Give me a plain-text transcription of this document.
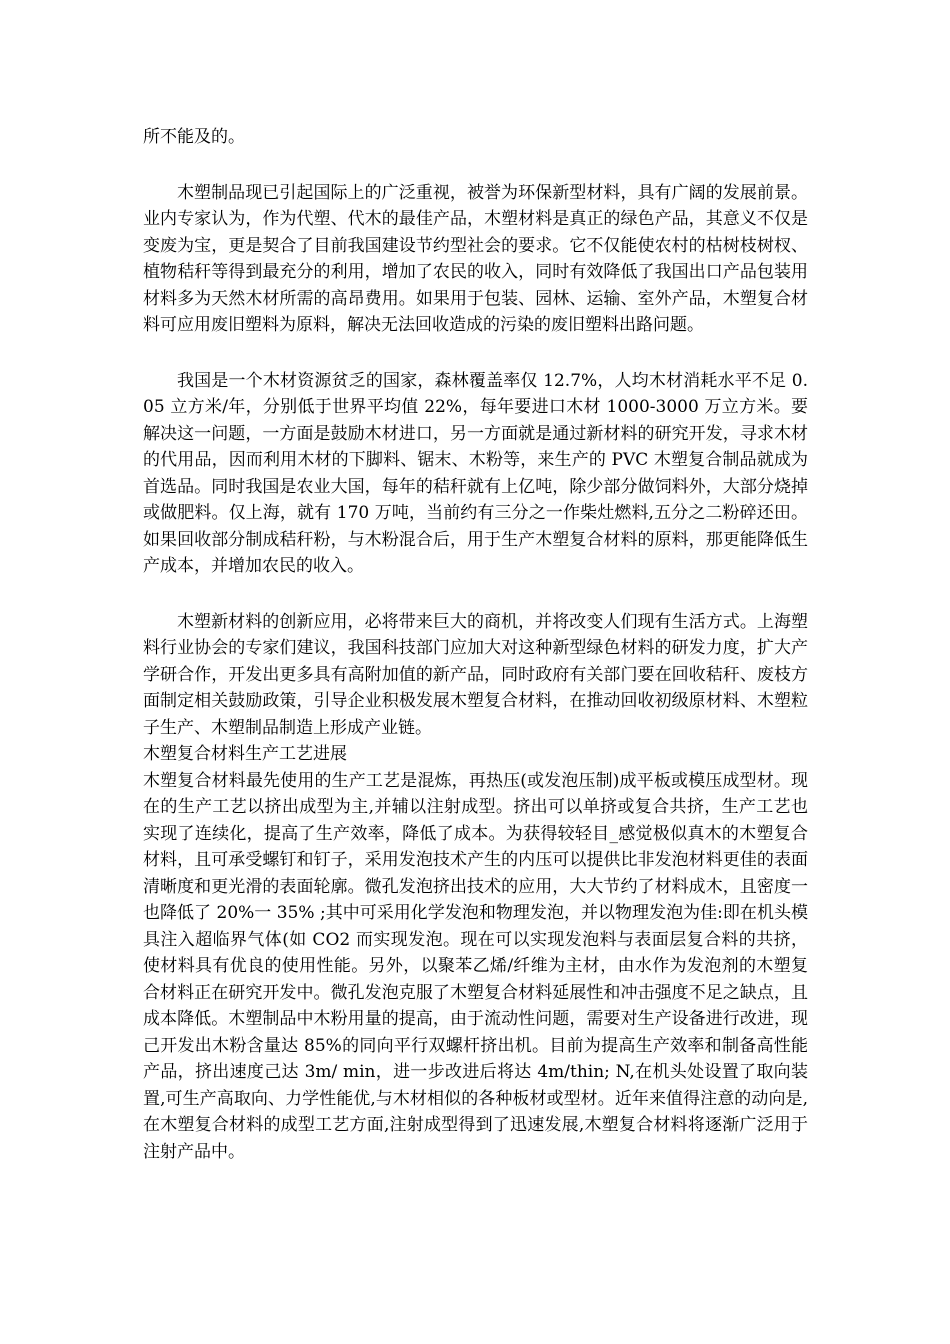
所不能及的。

木塑制品现已引起国际上的广泛重视，被誉为环保新型材料，具有广阔的发展前景。业内专家认为，作为代塑、代木的最佳产品，木塑材料是真正的绿色产品，其意义不仅是变废为宝，更是契合了目前我国建设节约型社会的要求。它不仅能使农村的枯树枝树杈、植物秸秆等得到最充分的利用，增加了农民的收入，同时有效降低了我国出口产品包装用材料多为天然木材所需的高昂费用。如果用于包装、园林、运输、室外产品，木塑复合材料可应用废旧塑料为原料，解决无法回收造成的污染的废旧塑料出路问题。

我国是一个木材资源贫乏的国家，森林覆盖率仅 12.7%，人均木材消耗水平不足 0.05 立方米/年，分别低于世界平均值 22%，每年要进口木材 1000-3000 万立方米。要解决这一问题，一方面是鼓励木材进口，另一方面就是通过新材料的研究开发，寻求木材的代用品，因而利用木材的下脚料、锯末、木粉等，来生产的 PVC 木塑复合制品就成为首选品。同时我国是农业大国，每年的秸秆就有上亿吨，除少部分做饲料外，大部分烧掉或做肥料。仅上海，就有 170 万吨，当前约有三分之一作柴灶燃料,五分之二粉碎还田。如果回收部分制成秸秆粉，与木粉混合后，用于生产木塑复合材料的原料，那更能降低生产成本，并增加农民的收入。

木塑新材料的创新应用，必将带来巨大的商机，并将改变人们现有生活方式。上海塑料行业协会的专家们建议，我国科技部门应加大对这种新型绿色材料的研发力度，扩大产学研合作，开发出更多具有高附加值的新产品，同时政府有关部门要在回收秸秆、废枝方面制定相关鼓励政策，引导企业积极发展木塑复合材料，在推动回收初级原材料、木塑粒子生产、木塑制品制造上形成产业链。

木塑复合材料生产工艺进展

木塑复合材料最先使用的生产工艺是混炼，再热压(或发泡压制)成平板或模压成型材。现在的生产工艺以挤出成型为主,并辅以注射成型。挤出可以单挤或复合共挤，生产工艺也实现了连续化，提高了生产效率，降低了成本。为获得较轻目_感觉极似真木的木塑复合材料，且可承受螺钉和钉子，采用发泡技术产生的内压可以提供比非发泡材料更佳的表面清晰度和更光滑的表面轮廓。微孔发泡挤出技术的应用，大大节约了材料成木，且密度一也降低了 20%一 35% ;其中可采用化学发泡和物理发泡，并以物理发泡为佳:即在机头模具注入超临界气体(如 CO2 而实现发泡。现在可以实现发泡料与表面层复合料的共挤，使材料具有优良的使用性能。另外，以聚苯乙烯/纤维为主材，由水作为发泡剂的木塑复合材料正在研究开发中。微孔发泡克服了木塑复合材料延展性和冲击强度不足之缺点，且成本降低。木塑制品中木粉用量的提高，由于流动性问题，需要对生产设备进行改进，现己开发出木粉含量达 85%的同向平行双螺杆挤出机。目前为提高生产效率和制备高性能产品，挤出速度己达 3m/ min，进一步改进后将达 4m/thin; N,在机头处设置了取向装置,可生产高取向、力学性能优,与木材相似的各种板材或型材。近年来值得注意的动向是,在木塑复合材料的成型工艺方面,注射成型得到了迅速发展,木塑复合材料将逐渐广泛用于注射产品中。
